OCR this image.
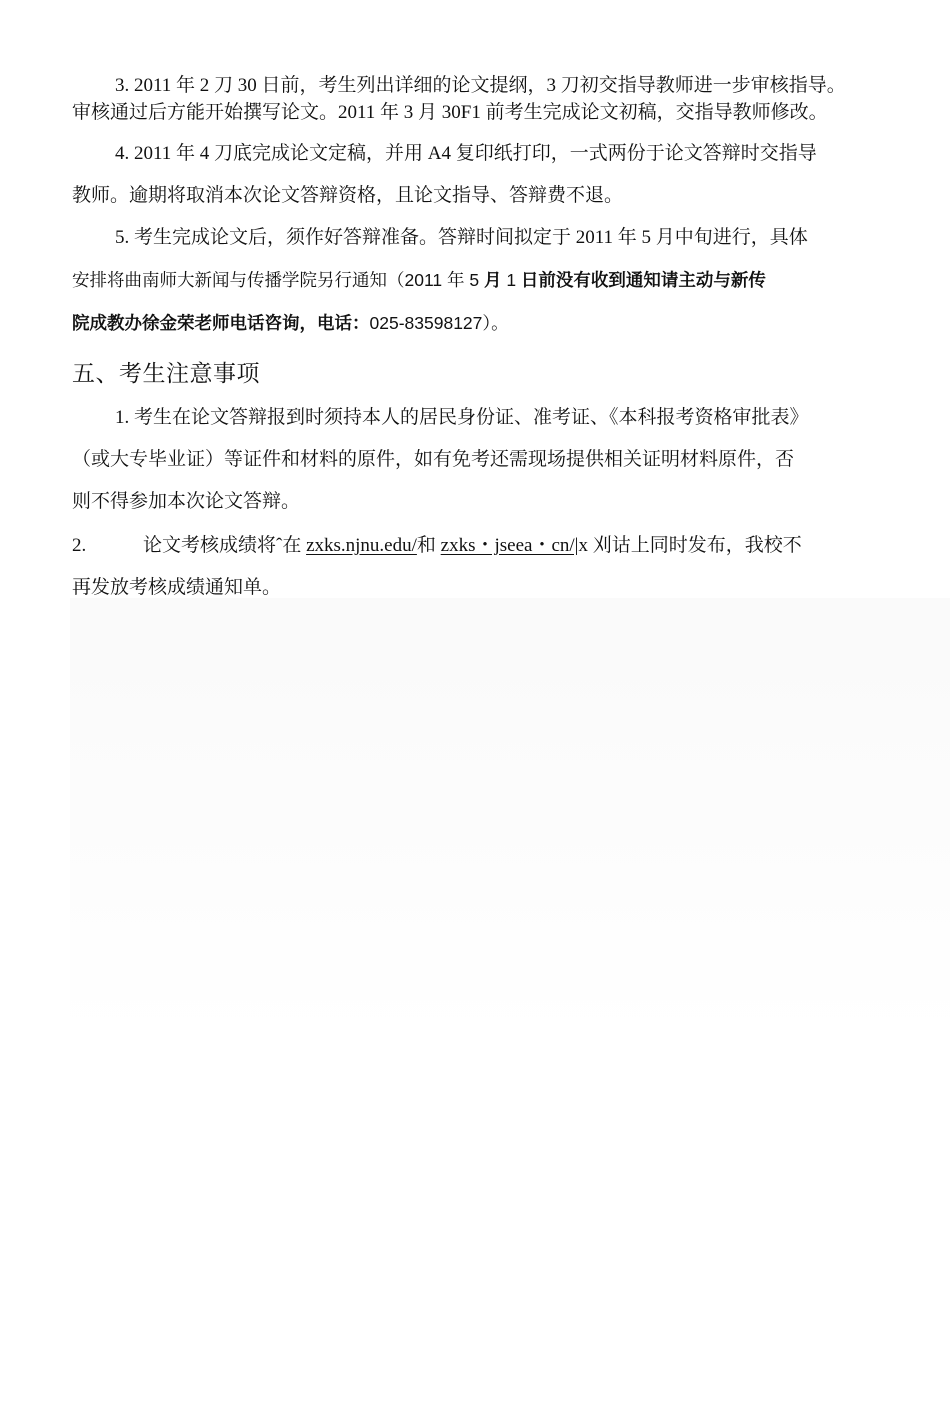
3. 2011 年 2 刀 30 日前，考生列出详细的论文提纲，3 刀初交指导教师进一步审核指导。
审核通过后方能开始撰写论文。2011 年 3 月 30F1 前考生完成论文初稿，交指导教师修改。
4. 2011 年 4 刀底完成论文定稿，并用 A4 复印纸打印，一式两份于论文答辩时交指导
教师。逾期将取消本次论文答辩资格，且论文指导、答辩费不退。
5. 考生完成论文后，须作好答辩准备。答辩时间拟定于 2011 年 5 月中旬进行，具体
安排将曲南师大新闻与传播学院另行通知（2011 年 5 月 1 日前没有收到通知请主动与新传
院成教办徐金荣老师电话咨询，电话：025-83598127）。
五、考生注意事项
1. 考生在论文答辩报到时须持本人的居民身份证、准考证、《本科报考资格审批表》
（或大专毕业证）等证件和材料的原件，如有免考还需现场提供相关证明材料原件，否
则不得参加本次论文答辩。
2.	论文考核成绩将ˆ在 zxks.njnu.edu/和 zxks・jseea・cn/|x 刈诂上同时发布，我校不
再发放考核成绩通知单。
